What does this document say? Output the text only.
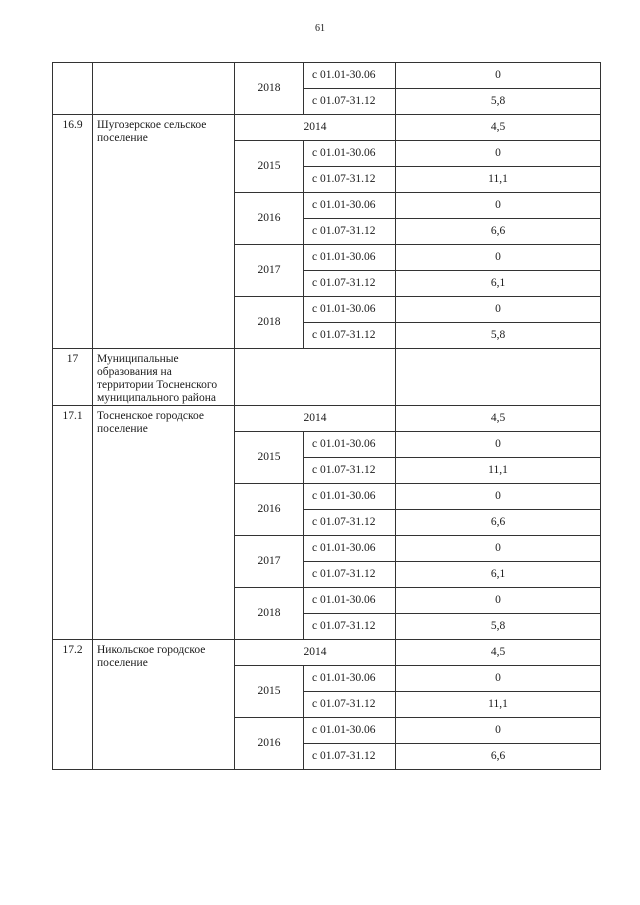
61
		2018	с 01.01-30.06	0
			с 01.07-31.12	5,8
16.9	Шугозерское сельское поселение	2014		4,5
		2015	с 01.01-30.06	0
			с 01.07-31.12	11,1
		2016	с 01.01-30.06	0
			с 01.07-31.12	6,6
		2017	с 01.01-30.06	0
			с 01.07-31.12	6,1
		2018	с 01.01-30.06	0
			с 01.07-31.12	5,8
17	Муниципальные образования на территории Тосненского муниципального района			
17.1	Тосненское городское поселение	2014		4,5
		2015	с 01.01-30.06	0
			с 01.07-31.12	11,1
		2016	с 01.01-30.06	0
			с 01.07-31.12	6,6
		2017	с 01.01-30.06	0
			с 01.07-31.12	6,1
		2018	с 01.01-30.06	0
			с 01.07-31.12	5,8
17.2	Никольское городское поселение	2014		4,5
		2015	с 01.01-30.06	0
			с 01.07-31.12	11,1
		2016	с 01.01-30.06	0
			с 01.07-31.12	6,6
